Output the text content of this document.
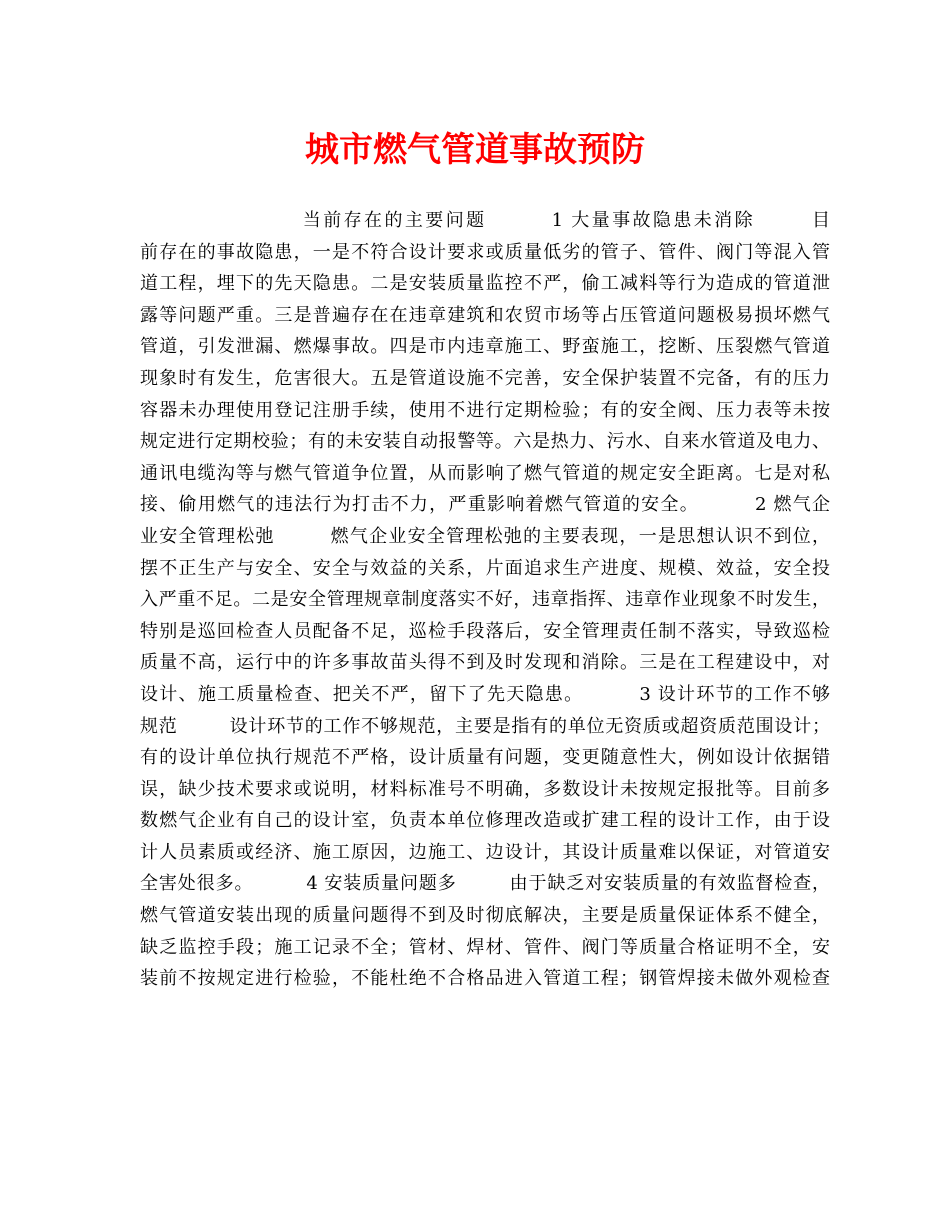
城市燃气管道事故预防
当前存在的主要问题        1 大量事故隐患未消除       目
前存在的事故隐患，一是不符合设计要求或质量低劣的管子、管件、阀门等混入管
道工程，埋下的先天隐患。二是安装质量监控不严，偷工减料等行为造成的管道泄
露等问题严重。三是普遍存在在违章建筑和农贸市场等占压管道问题极易损坏燃气
管道，引发泄漏、燃爆事故。四是市内违章施工、野蛮施工，挖断、压裂燃气管道
现象时有发生，危害很大。五是管道设施不完善，安全保护装置不完备，有的压力
容器未办理使用登记注册手续，使用不进行定期检验；有的安全阀、压力表等未按
规定进行定期校验；有的未安装自动报警等。六是热力、污水、自来水管道及电力、
通讯电缆沟等与燃气管道争位置，从而影响了燃气管道的规定安全距离。七是对私
接、偷用燃气的违法行为打击不力，严重影响着燃气管道的安全。        2 燃气企
业安全管理松弛        燃气企业安全管理松弛的主要表现，一是思想认识不到位，
摆不正生产与安全、安全与效益的关系，片面追求生产进度、规模、效益，安全投
入严重不足。二是安全管理规章制度落实不好，违章指挥、违章作业现象不时发生，
特别是巡回检查人员配备不足，巡检手段落后，安全管理责任制不落实，导致巡检
质量不高，运行中的许多事故苗头得不到及时发现和消除。三是在工程建设中，对
设计、施工质量检查、把关不严，留下了先天隐患。        3 设计环节的工作不够
规范        设计环节的工作不够规范，主要是指有的单位无资质或超资质范围设计；
有的设计单位执行规范不严格，设计质量有问题，变更随意性大，例如设计依据错
误，缺少技术要求或说明，材料标准号不明确，多数设计未按规定报批等。目前多
数燃气企业有自己的设计室，负责本单位修理改造或扩建工程的设计工作，由于设
计人员素质或经济、施工原因，边施工、边设计，其设计质量难以保证，对管道安
全害处很多。        4 安装质量问题多        由于缺乏对安装质量的有效监督检查，
燃气管道安装出现的质量问题得不到及时彻底解决，主要是质量保证体系不健全，
缺乏监控手段；施工记录不全；管材、焊材、管件、阀门等质量合格证明不全，安
装前不按规定进行检验，不能杜绝不合格品进入管道工程；钢管焊接未做外观检查
